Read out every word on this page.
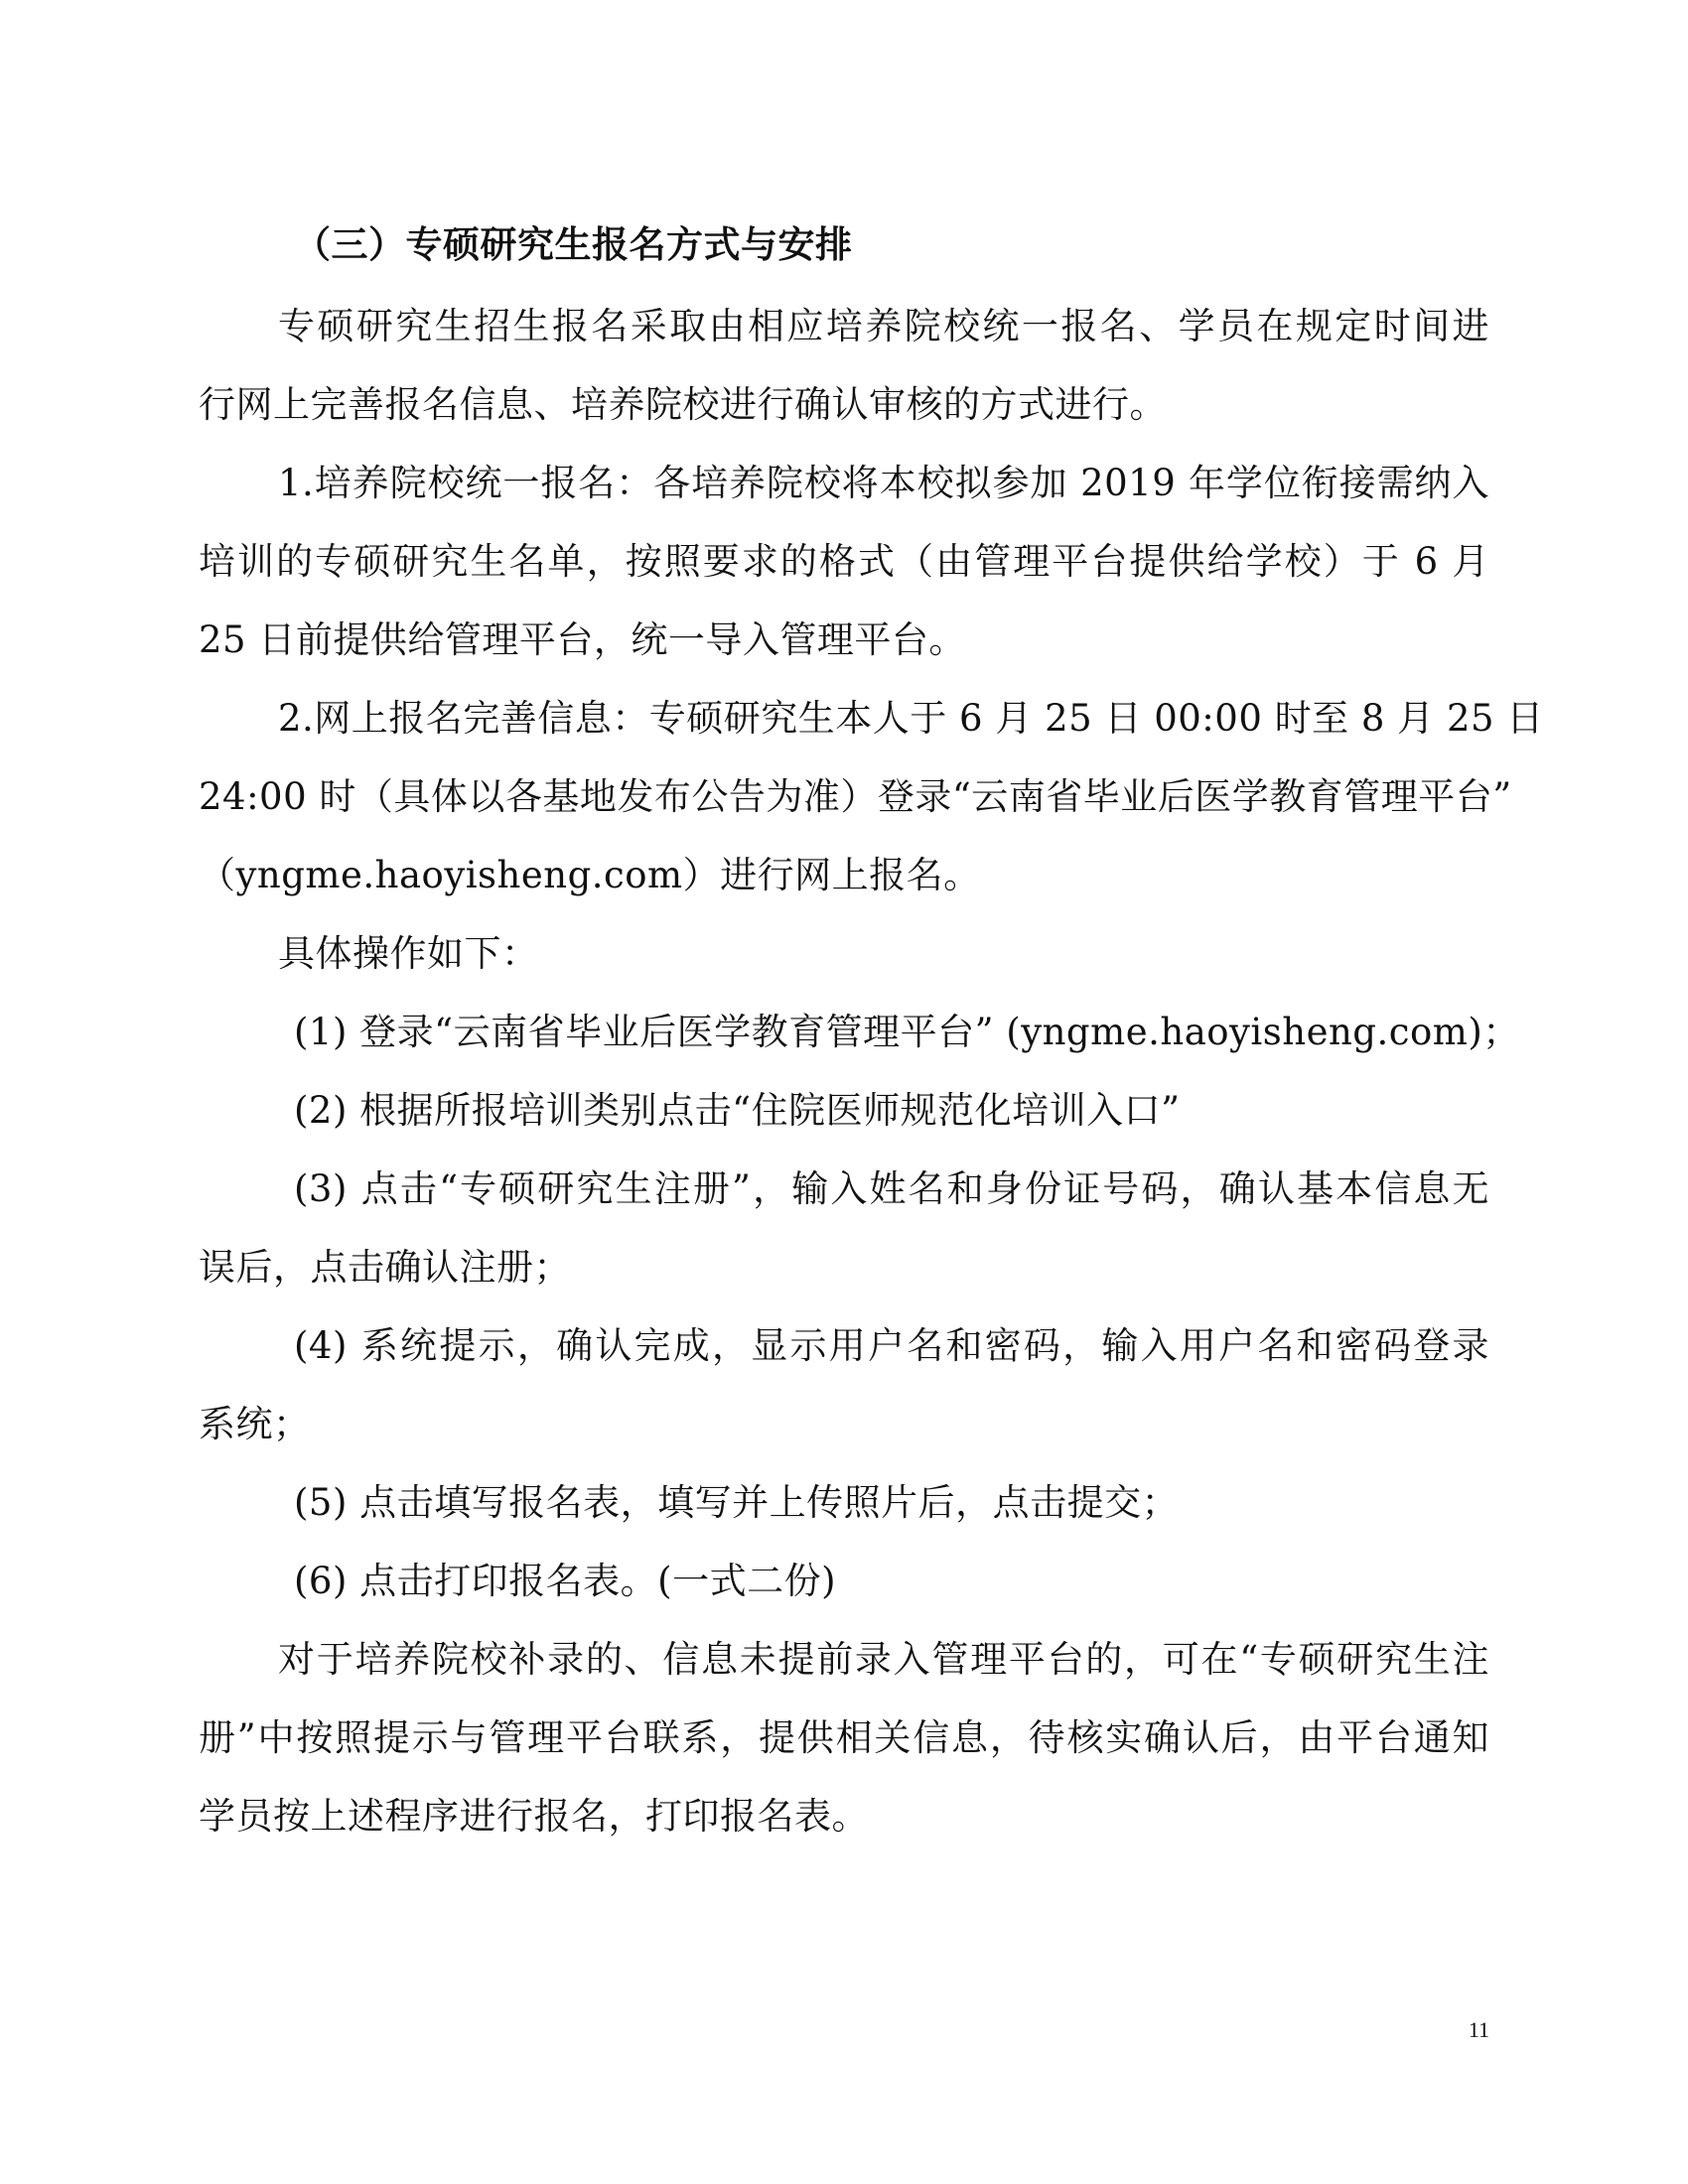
（三）专硕研究生报名方式与安排
专硕研究生招生报名采取由相应培养院校统一报名、学员在规定时间进
行网上完善报名信息、培养院校进行确认审核的方式进行。
1.培养院校统一报名：各培养院校将本校拟参加 2019 年学位衔接需纳入
培训的专硕研究生名单，按照要求的格式（由管理平台提供给学校）于 6 月
25 日前提供给管理平台，统一导入管理平台。
2.网上报名完善信息：专硕研究生本人于 6 月 25 日 00:00 时至 8 月 25 日
24:00 时（具体以各基地发布公告为准）登录“云南省毕业后医学教育管理平台”
（yngme.haoyisheng.com）进行网上报名。
具体操作如下：
(1) 登录“云南省毕业后医学教育管理平台” (yngme.haoyisheng.com)；
(2) 根据所报培训类别点击“住院医师规范化培训入口”
(3) 点击“专硕研究生注册”，输入姓名和身份证号码，确认基本信息无
误后，点击确认注册；
(4) 系统提示，确认完成，显示用户名和密码，输入用户名和密码登录
系统；
(5) 点击填写报名表，填写并上传照片后，点击提交；
(6) 点击打印报名表。(一式二份)
对于培养院校补录的、信息未提前录入管理平台的，可在“专硕研究生注
册”中按照提示与管理平台联系，提供相关信息，待核实确认后，由平台通知
学员按上述程序进行报名，打印报名表。
11
